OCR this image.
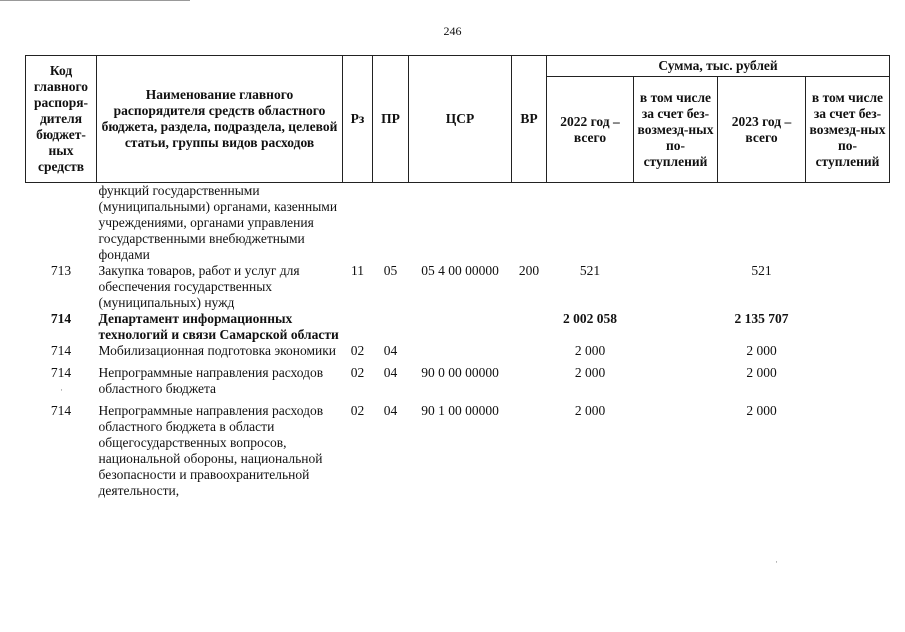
246
Код главного распоря-дителя бюджет-ных средств	Наименование главного распорядителя средств областного бюджета, раздела, подраздела, целевой статьи, группы видов расходов	Рз	ПР	ЦСР	ВР	Сумма, тыс. рублей			
						2022 год – всего	в том числе за счет без-возмезд-ных по-ступлений	2023 год – всего	в том числе за счет без-возмезд-ных по-ступлений
	функций государственными (муниципальными) органами, казенными учреждениями, органами управления государственными внебюджетными фондами								
713	Закупка товаров, работ и услуг для обеспечения государственных (муниципальных) нужд	11	05	05 4 00 00000	200	521		521	
714	Департамент информационных технологий и связи Самарской области					2 002 058		2 135 707	
714	Мобилизационная подготовка экономики	02	04			2 000		2 000	

714	Непрограммные направления расходов областного бюджета	02	04	90 0 00 00000		2 000		2 000	

714	Непрограммные направления расходов областного бюджета в области общегосударственных вопросов, национальной обороны, национальной безопасности и правоохранительной деятельности,	02	04	90 1 00 00000		2 000		2 000	
·
·
